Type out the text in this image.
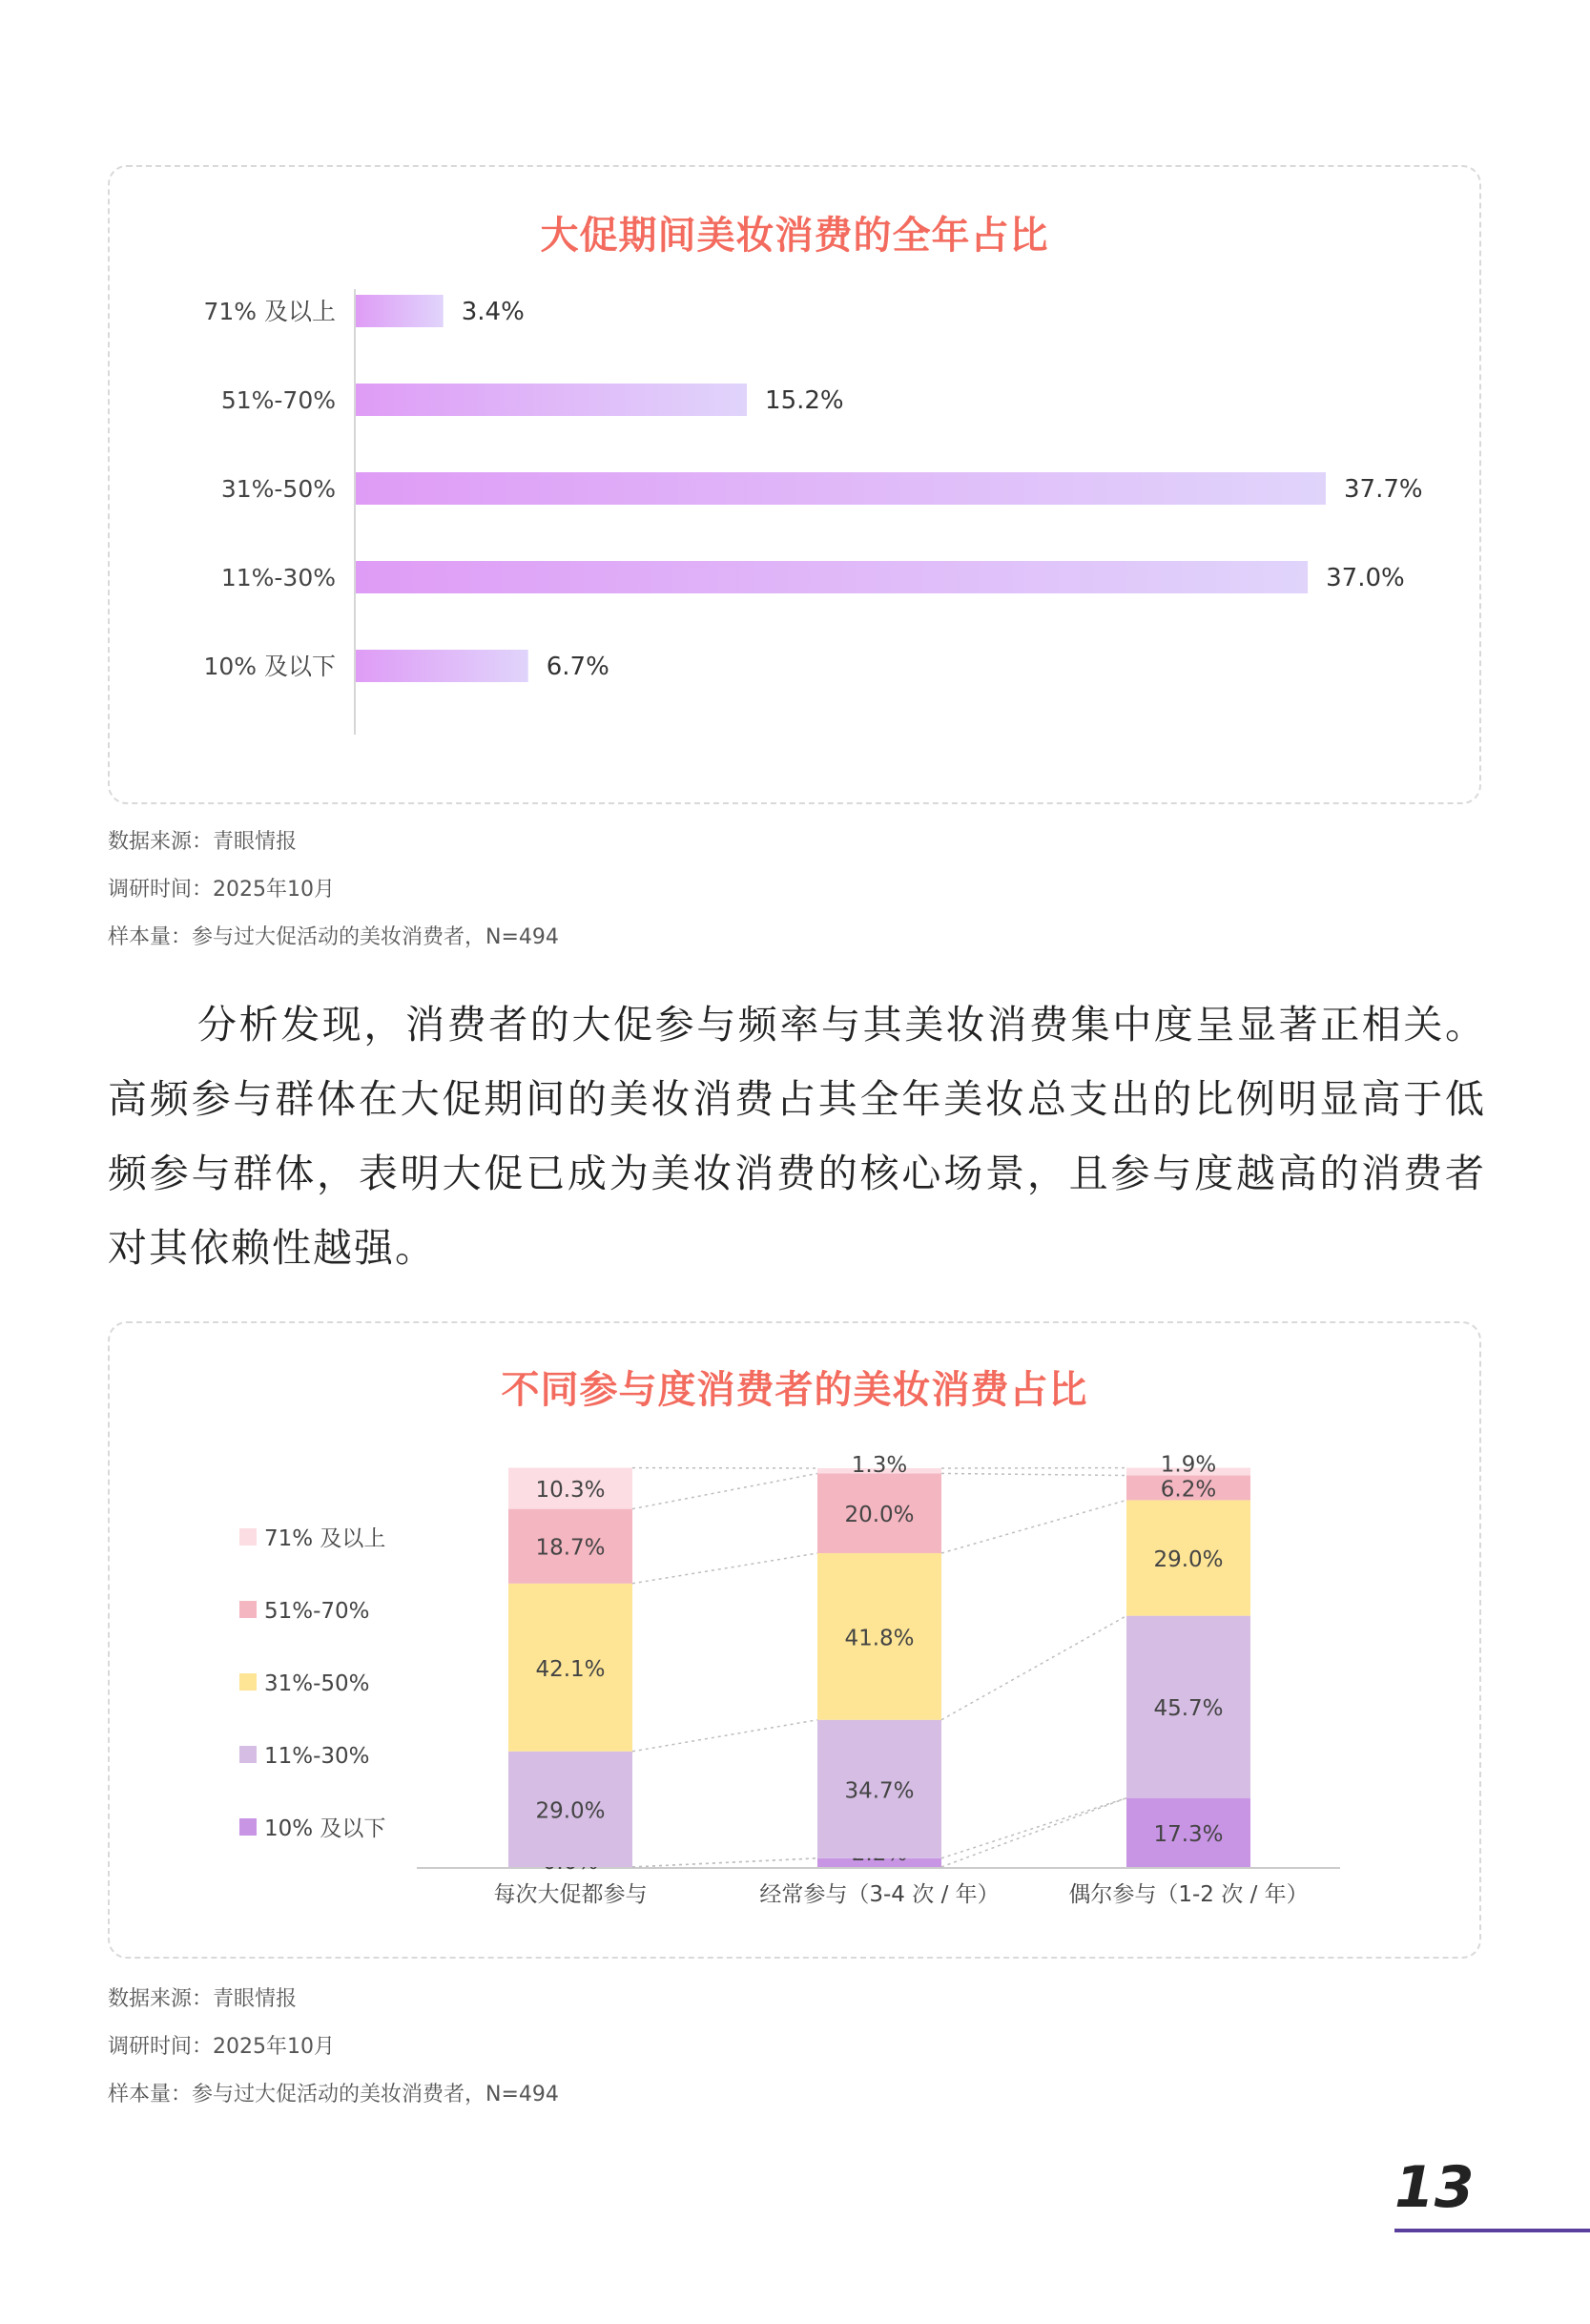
大促期间美妆消费的全年占比
71% 及以上	3.4%
51%-70%	15.2%
31%-50%	37.7%
11%-30%	37.0%
10% 及以下	6.7%
数据来源：青眼情报
调研时间：2025年10月
样本量：参与过大促活动的美妆消费者，N=494

分析发现，消费者的大促参与频率与其美妆消费集中度呈显著正相关。高频参与群体在大促期间的美妆消费占其全年美妆总支出的比例明显高于低频参与群体，表明大促已成为美妆消费的核心场景，且参与度越高的消费者对其依赖性越强。

不同参与度消费者的美妆消费占比
29.0%
42.1%
18.7%
10.3%
每次大促都参与
34.7%
41.8%
20.0%
1.3%
经常参与（3-4 次 / 年）
17.3%
45.7%
29.0%
6.2%
1.9%
偶尔参与（1-2 次 / 年）
71% 及以上
51%-70%
31%-50%
11%-30%
10% 及以下
数据来源：青眼情报
调研时间：2025年10月
样本量：参与过大促活动的美妆消费者，N=494
13
